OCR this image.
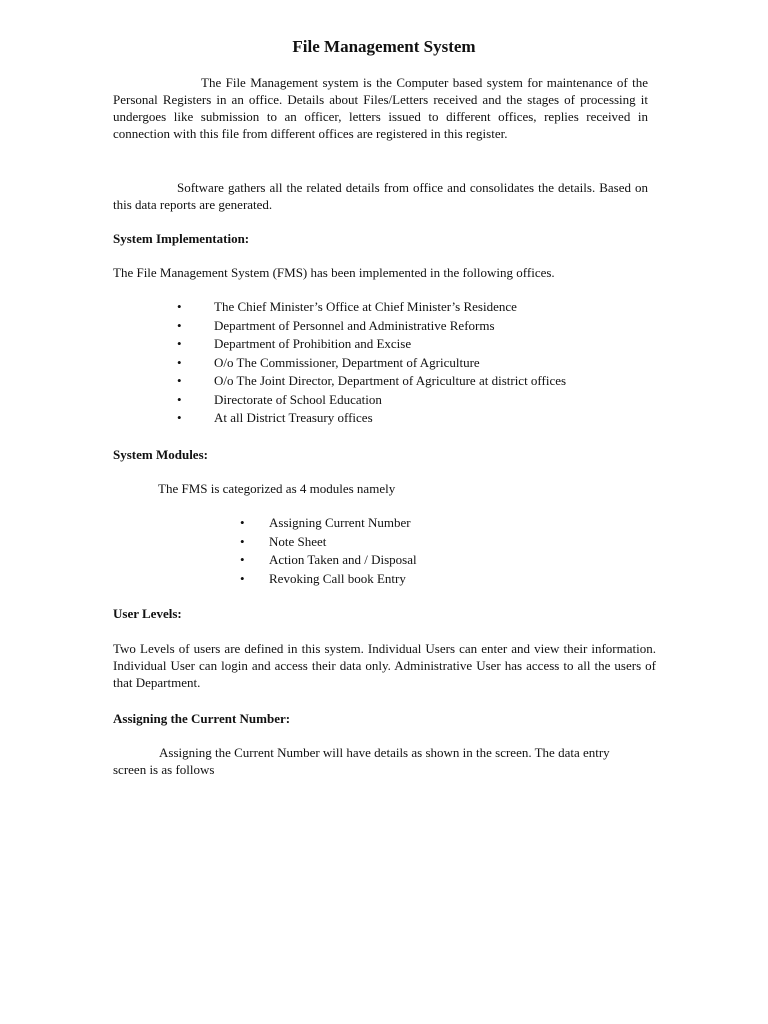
File Management System
The File Management system is the Computer based system for maintenance of the Personal Registers in an office. Details about Files/Letters received and the stages of processing it undergoes like submission to an officer, letters issued to different offices, replies received in connection with this file from different offices are registered in this register.
Software gathers all the related details from office and consolidates the details. Based on this data reports are generated.
System Implementation:
The File Management System (FMS) has been implemented in the following offices.
• The Chief Minister’s Office at Chief Minister’s Residence
• Department of Personnel and Administrative Reforms
• Department of Prohibition and Excise
• O/o The Commissioner, Department of Agriculture
• O/o The Joint Director, Department of Agriculture at district offices
• Directorate of School Education
• At all District Treasury offices
System Modules:
The FMS is categorized as 4 modules namely
• Assigning Current Number
• Note Sheet
• Action Taken and / Disposal
• Revoking Call book Entry
User Levels:
Two Levels of users are defined in this system. Individual Users can enter and view their information. Individual User can login and access their data only. Administrative User has access to all the users of that Department.
Assigning the Current Number:
Assigning the Current Number will have details as shown in the screen. The data entry screen is as follows
